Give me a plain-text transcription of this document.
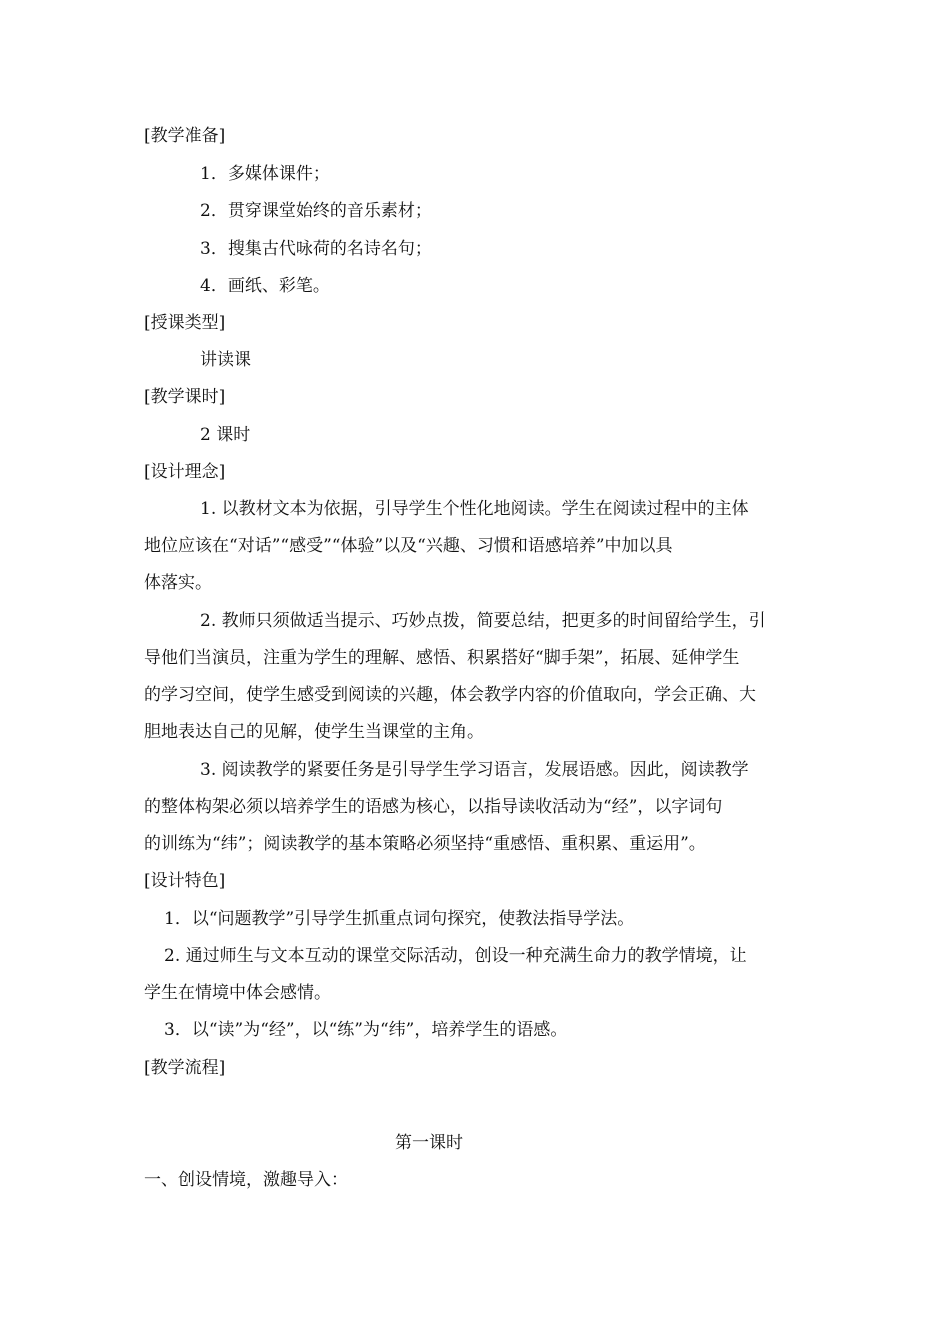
[教学准备]
1．多媒体课件；
2．贯穿课堂始终的音乐素材；
3．搜集古代咏荷的名诗名句；
4．画纸、彩笔。
[授课类型]
讲读课
[教学课时]
2 课时
[设计理念]
1. 以教材文本为依据，引导学生个性化地阅读。学生在阅读过程中的主体
地位应该在“对话”“感受”“体验”以及“兴趣、习惯和语感培养”中加以具
体落实。
2. 教师只须做适当提示、巧妙点拨，简要总结，把更多的时间留给学生，引
导他们当演员，注重为学生的理解、感悟、积累搭好“脚手架”，拓展、延伸学生
的学习空间，使学生感受到阅读的兴趣，体会教学内容的价值取向，学会正确、大
胆地表达自己的见解，使学生当课堂的主角。
3. 阅读教学的紧要任务是引导学生学习语言，发展语感。因此，阅读教学
的整体构架必须以培养学生的语感为核心，以指导读收活动为“经”，以字词句
的训练为“纬”；阅读教学的基本策略必须坚持“重感悟、重积累、重运用”。
[设计特色]
1．以“问题教学”引导学生抓重点词句探究，使教法指导学法。
2. 通过师生与文本互动的课堂交际活动，创设一种充满生命力的教学情境，让
学生在情境中体会感情。
3．以“读”为“经”，以“练”为“纬”，培养学生的语感。
[教学流程]
第一课时
一、创设情境，激趣导入：
